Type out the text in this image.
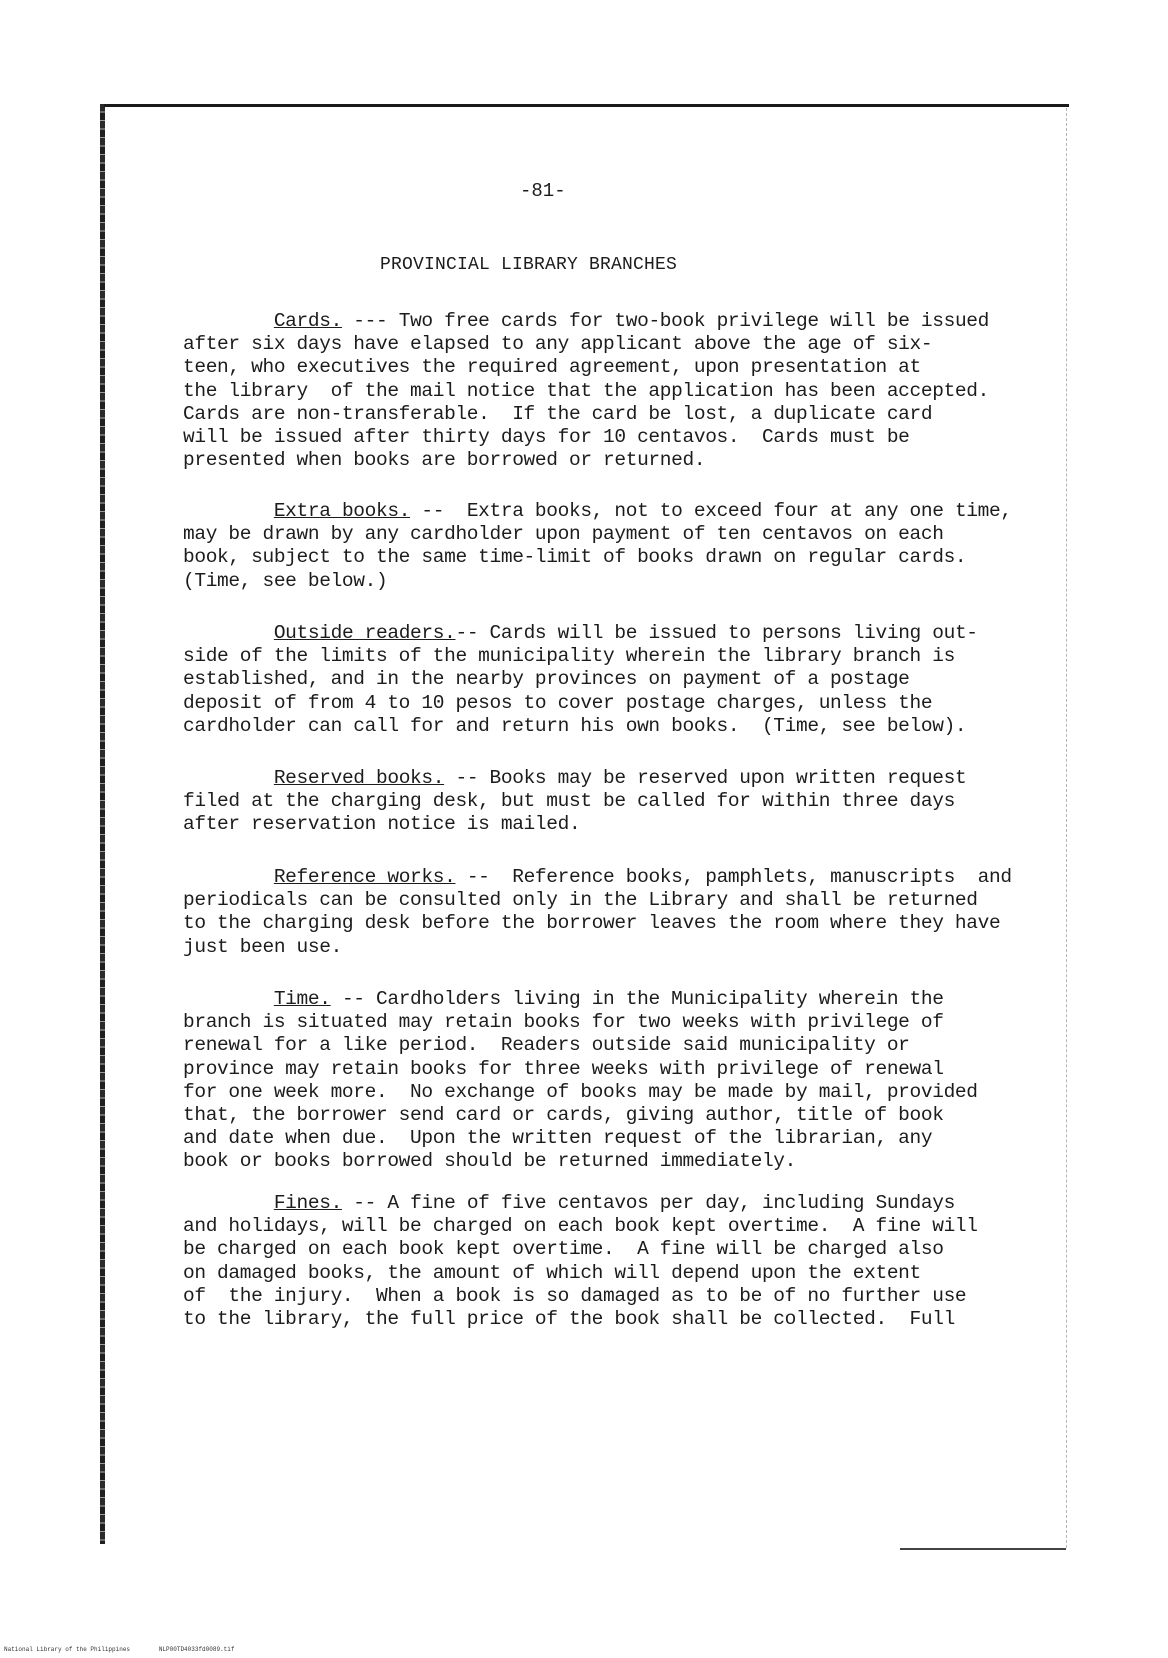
-81-
PROVINCIAL LIBRARY BRANCHES

Cards. --- Two free cards for two-book privilege will be issued
after six days have elapsed to any applicant above the age of six-
teen, who executives the required agreement, upon presentation at
the library  of the mail notice that the application has been accepted.
Cards are non-transferable.  If the card be lost, a duplicate card
will be issued after thirty days for 10 centavos.  Cards must be
presented when books are borrowed or returned.

Extra books. --  Extra books, not to exceed four at any one time,
may be drawn by any cardholder upon payment of ten centavos on each
book, subject to the same time-limit of books drawn on regular cards.
(Time, see below.)

Outside readers.-- Cards will be issued to persons living out-
side of the limits of the municipality wherein the library branch is
established, and in the nearby provinces on payment of a postage
deposit of from 4 to 10 pesos to cover postage charges, unless the
cardholder can call for and return his own books.  (Time, see below).

Reserved books. -- Books may be reserved upon written request
filed at the charging desk, but must be called for within three days
after reservation notice is mailed.

Reference works. --  Reference books, pamphlets, manuscripts  and
periodicals can be consulted only in the Library and shall be returned
to the charging desk before the borrower leaves the room where they have
just been use.

Time. -- Cardholders living in the Municipality wherein the
branch is situated may retain books for two weeks with privilege of
renewal for a like period.  Readers outside said municipality or
province may retain books for three weeks with privilege of renewal
for one week more.  No exchange of books may be made by mail, provided
that, the borrower send card or cards, giving author, title of book
and date when due.  Upon the written request of the librarian, any
book or books borrowed should be returned immediately.

Fines. -- A fine of five centavos per day, including Sundays
and holidays, will be charged on each book kept overtime.  A fine will
be charged on each book kept overtime.  A fine will be charged also
on damaged books, the amount of which will depend upon the extent
of  the injury.  When a book is so damaged as to be of no further use
to the library, the full price of the book shall be collected.  Full

National Library of the Philippines	NLP00TD4033fd0089.tif
